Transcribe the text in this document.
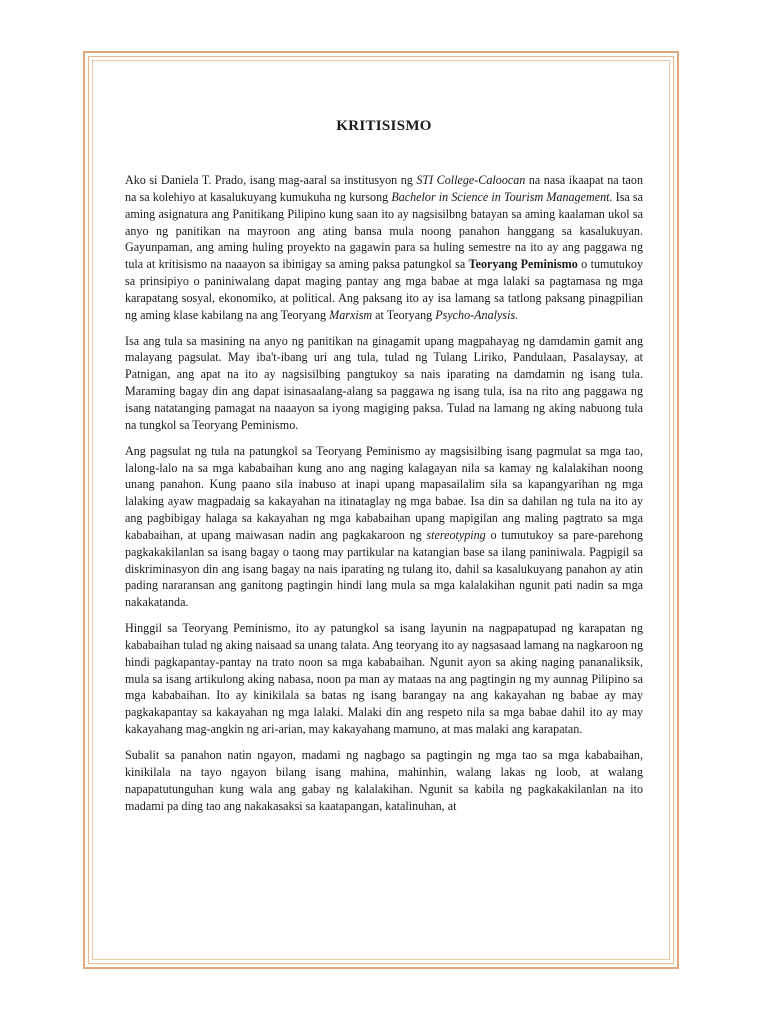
KRITISISMO

Ako si Daniela T. Prado, isang mag-aaral sa institusyon ng STI College-Caloocan na nasa ikaapat na taon na sa kolehiyo at kasalukuyang kumukuha ng kursong Bachelor in Science in Tourism Management. Isa sa aming asignatura ang Panitikang Pilipino kung saan ito ay nagsisilbng batayan sa aming kaalaman ukol sa anyo ng panitikan na mayroon ang ating bansa mula noong panahon hanggang sa kasalukuyan. Gayunpaman, ang aming huling proyekto na gagawin para sa huling semestre na ito ay ang paggawa ng tula at kritisismo na naaayon sa ibinigay sa aming paksa patungkol sa Teoryang Peminismo o tumutukoy sa prinsipiyo o paniniwalang dapat maging pantay ang mga babae at mga lalaki sa pagtamasa ng mga karapatang sosyal, ekonomiko, at political. Ang paksang ito ay isa lamang sa tatlong paksang pinagpilian ng aming klase kabilang na ang Teoryang Marxism at Teoryang Psycho-Analysis.

Isa ang tula sa masining na anyo ng panitikan na ginagamit upang magpahayag ng damdamin gamit ang malayang pagsulat. May iba't-ibang uri ang tula, tulad ng Tulang Liriko, Pandulaan, Pasalaysay, at Patnigan, ang apat na ito ay nagsisilbing pangtukoy sa nais iparating na damdamin ng isang tula. Maraming bagay din ang dapat isinasaalang-alang sa paggawa ng isang tula, isa na rito ang paggawa ng isang natatanging pamagat na naaayon sa iyong magiging paksa. Tulad na lamang ng aking nabuong tula na tungkol sa Teoryang Peminismo.

Ang pagsulat ng tula na patungkol sa Teoryang Peminismo ay magsisilbing isang pagmulat sa mga tao, lalong-lalo na sa mga kababaihan kung ano ang naging kalagayan nila sa kamay ng kalalakihan noong unang panahon. Kung paano sila inabuso at inapi upang mapasailalim sila sa kapangyarihan ng mga lalaking ayaw magpadaig sa kakayahan na itinataglay ng mga babae. Isa din sa dahilan ng tula na ito ay ang pagbibigay halaga sa kakayahan ng mga kababaihan upang mapigilan ang maling pagtrato sa mga kababaihan, at upang maiwasan nadin ang pagkakaroon ng stereotyping o tumutukoy sa pare-parehong pagkakakilanlan sa isang bagay o taong may partikular na katangian base sa ilang paniniwala. Pagpigil sa diskriminasyon din ang isang bagay na nais iparating ng tulang ito, dahil sa kasalukuyang panahon ay atin pading nararansan ang ganitong pagtingin hindi lang mula sa mga kalalakihan ngunit pati nadin sa mga nakakatanda.

Hinggil sa Teoryang Peminismo, ito ay patungkol sa isang layunin na nagpapatupad ng karapatan ng kababaihan tulad ng aking naisaad sa unang talata. Ang teoryang ito ay nagsasaad lamang na nagkaroon ng hindi pagkapantay-pantay na trato noon sa mga kababaihan. Ngunit ayon sa aking naging pananaliksik, mula sa isang artikulong aking nabasa, noon pa man ay mataas na ang pagtingin ng my aunnag Pilipino sa mga kababaihan. Ito ay kinikilala sa batas ng isang barangay na ang kakayahan ng babae ay may pagkakapantay sa kakayahan ng mga lalaki. Malaki din ang respeto nila sa mga babae dahil ito ay may kakayahang mag-angkin ng ari-arian, may kakayahang mamuno, at mas malaki ang karapatan.

Subalit sa panahon natin ngayon, madami ng nagbago sa pagtingin ng mga tao sa mga kababaihan, kinikilala na tayo ngayon bilang isang mahina, mahinhin, walang lakas ng loob, at walang napapatutunguhan kung wala ang gabay ng kalalakihan. Ngunit sa kabila ng pagkakakilanlan na ito madami pa ding tao ang nakakasaksi sa kaatapangan, katalinuhan, at
